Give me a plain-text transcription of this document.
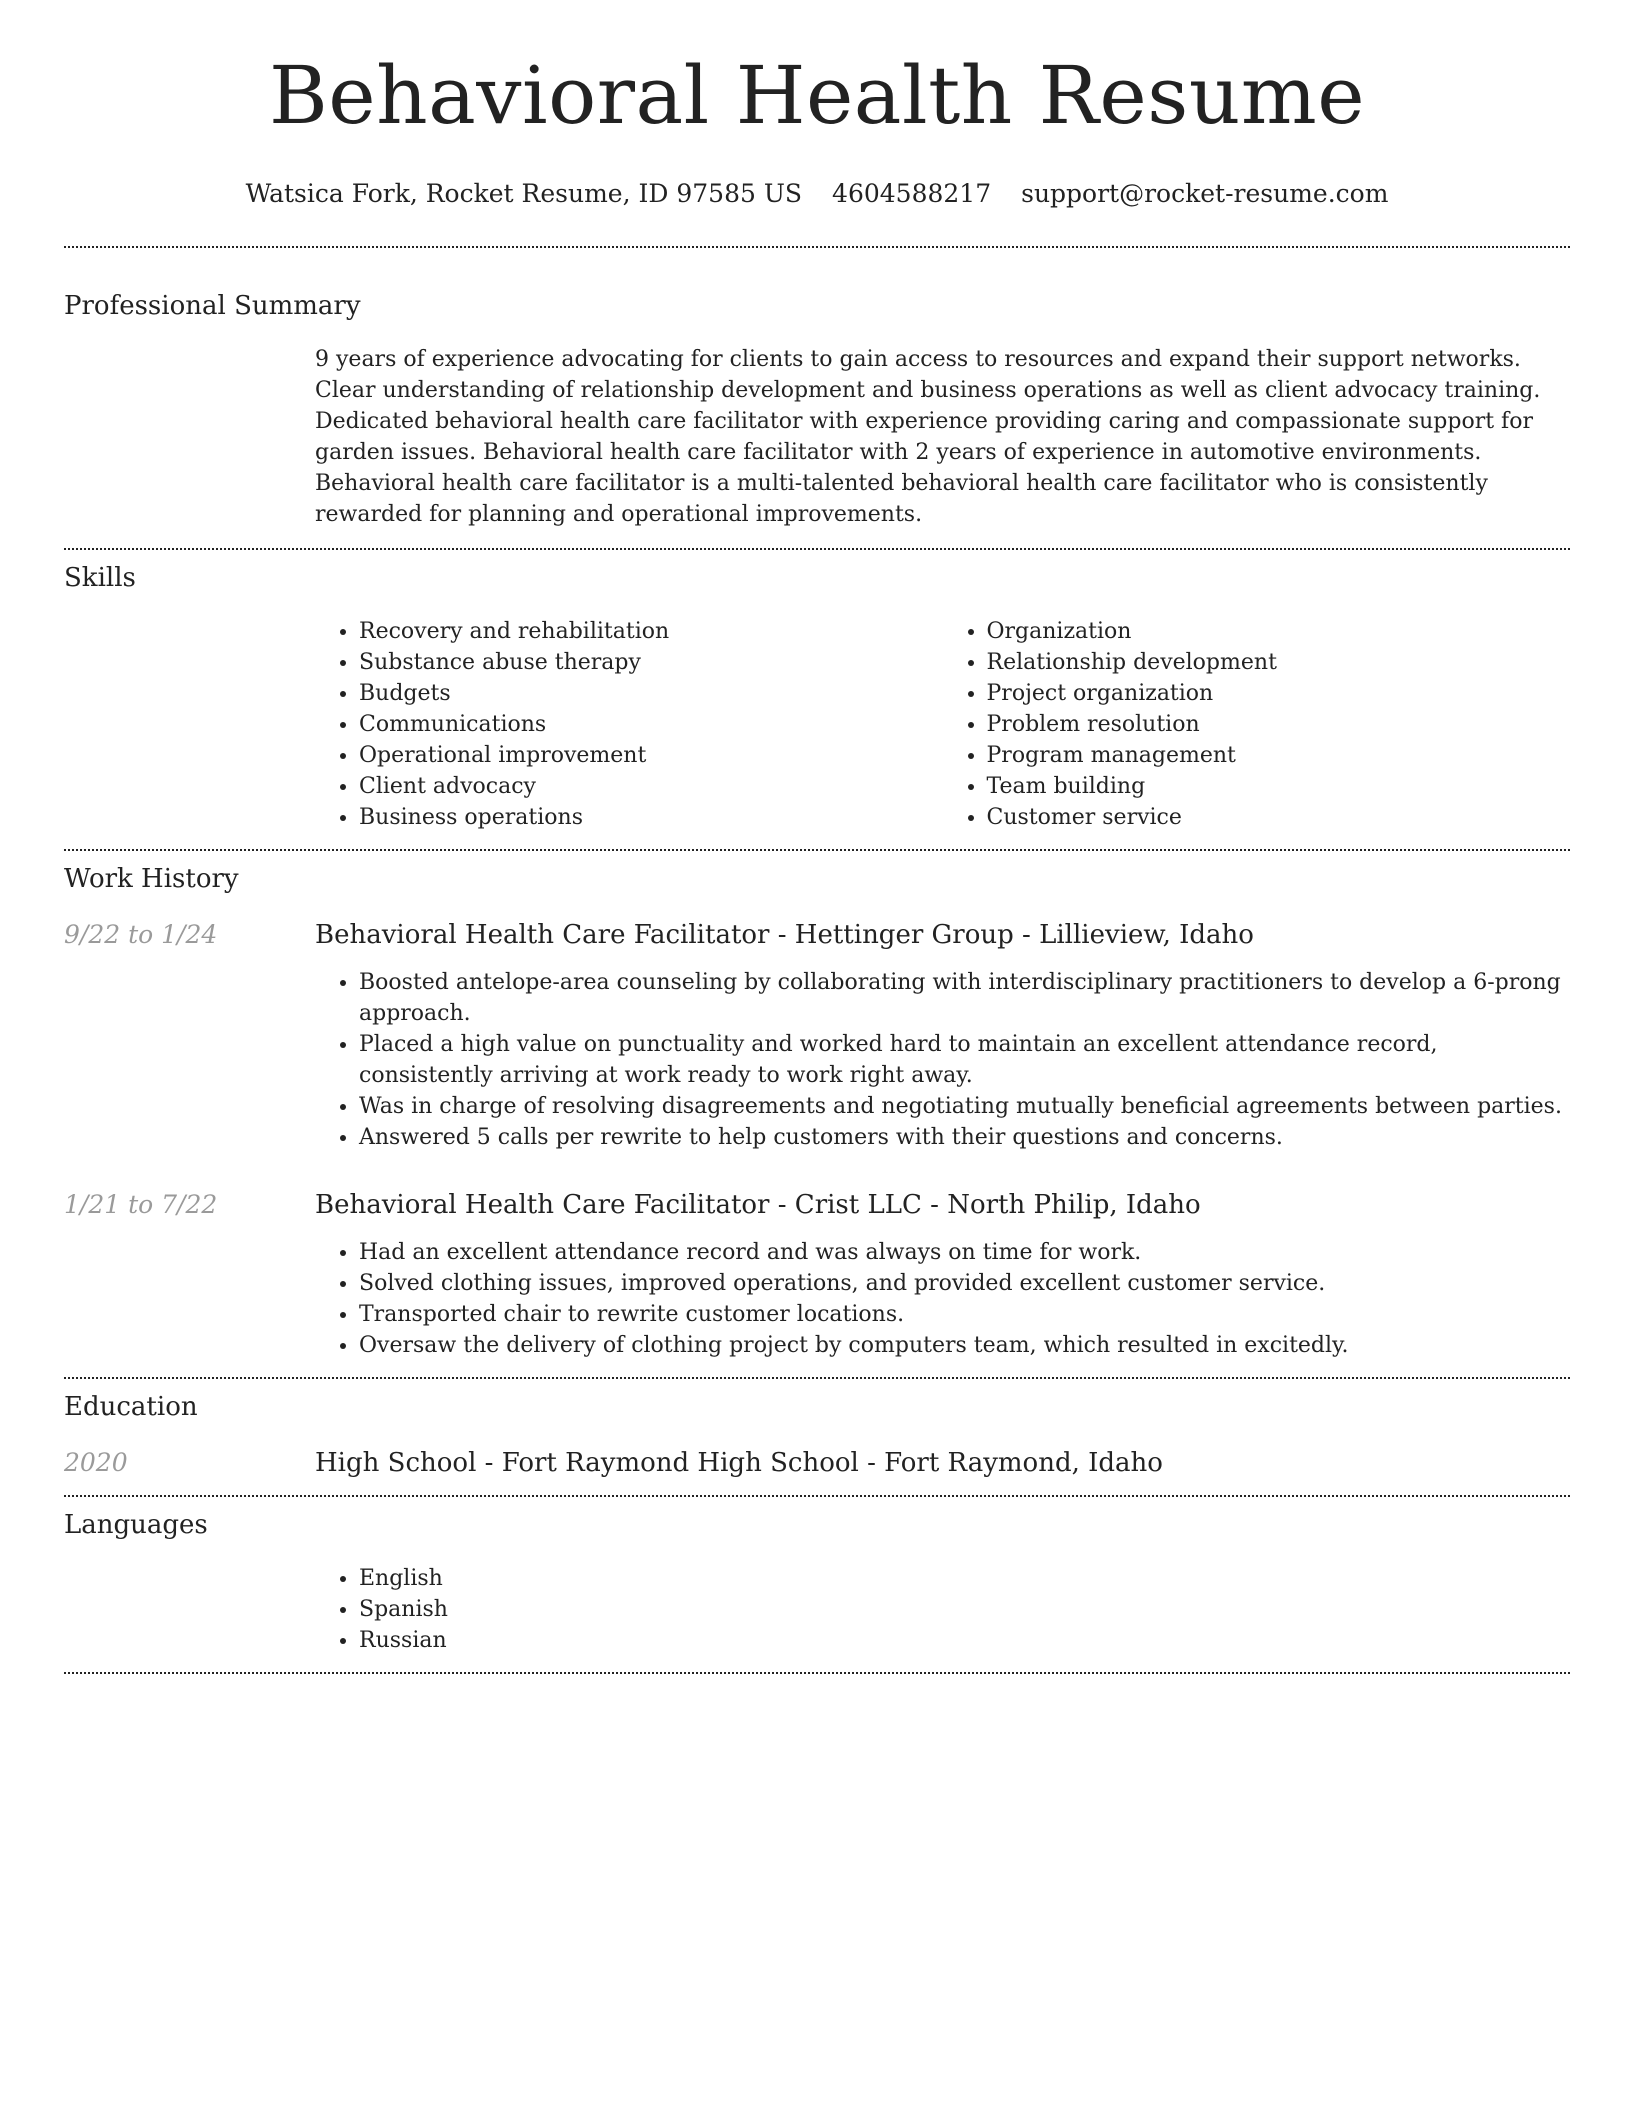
Behavioral Health Resume
Watsica Fork, Rocket Resume, ID 97585 US 4604588217 support@rocket-resume.com
Professional Summary
9 years of experience advocating for clients to gain access to resources and expand their support networks. Clear understanding of relationship development and business operations as well as client advocacy training. Dedicated behavioral health care facilitator with experience providing caring and compassionate support for garden issues. Behavioral health care facilitator with 2 years of experience in automotive environments. Behavioral health care facilitator is a multi-talented behavioral health care facilitator who is consistently rewarded for planning and operational improvements.
Skills
• Recovery and rehabilitation
• Substance abuse therapy
• Budgets
• Communications
• Operational improvement
• Client advocacy
• Business operations
• Organization
• Relationship development
• Project organization
• Problem resolution
• Program management
• Team building
• Customer service
Work History
9/22 to 1/24	Behavioral Health Care Facilitator - Hettinger Group - Lillieview, Idaho
• Boosted antelope-area counseling by collaborating with interdisciplinary practitioners to develop a 6-prong approach.
• Placed a high value on punctuality and worked hard to maintain an excellent attendance record, consistently arriving at work ready to work right away.
• Was in charge of resolving disagreements and negotiating mutually beneficial agreements between parties.
• Answered 5 calls per rewrite to help customers with their questions and concerns.
1/21 to 7/22	Behavioral Health Care Facilitator - Crist LLC - North Philip, Idaho
• Had an excellent attendance record and was always on time for work.
• Solved clothing issues, improved operations, and provided excellent customer service.
• Transported chair to rewrite customer locations.
• Oversaw the delivery of clothing project by computers team, which resulted in excitedly.
Education
2020	High School - Fort Raymond High School - Fort Raymond, Idaho
Languages
• English
• Spanish
• Russian
